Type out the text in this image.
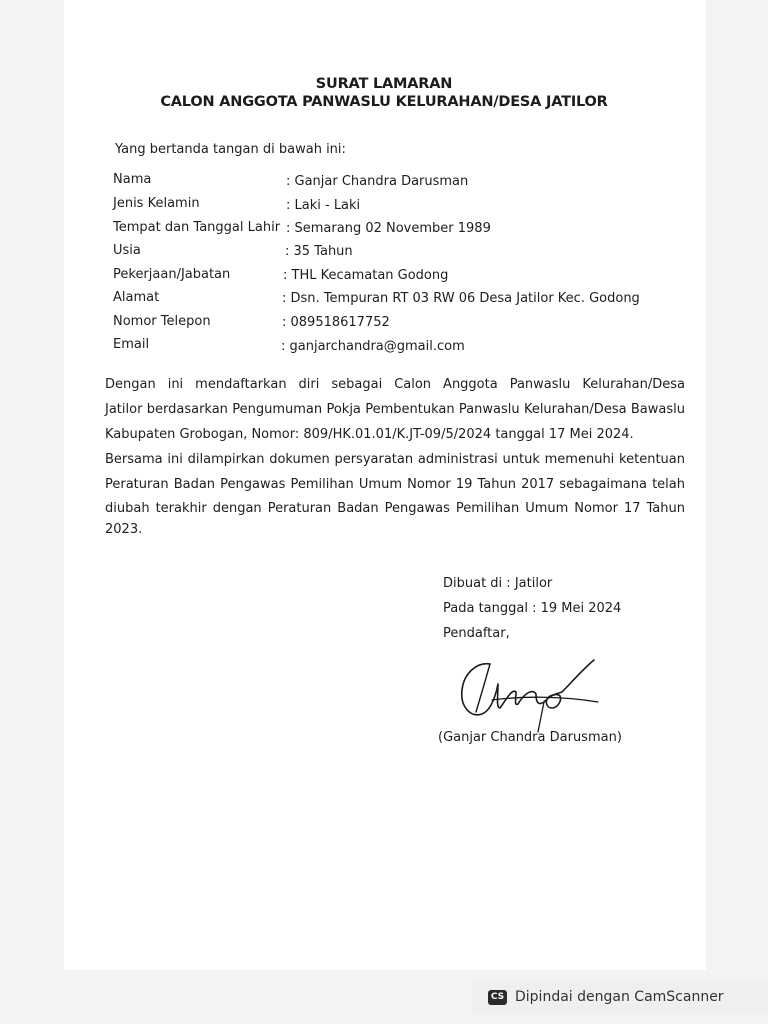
SURAT LAMARAN
CALON ANGGOTA PANWASLU KELURAHAN/DESA JATILOR
Yang bertanda tangan di bawah ini:
Nama	: Ganjar Chandra Darusman
Jenis Kelamin	: Laki - Laki
Tempat dan Tanggal Lahir : Semarang 02 November 1989
Usia	: 35 Tahun
Pekerjaan/Jabatan	: THL Kecamatan Godong
Alamat	: Dsn. Tempuran RT 03 RW 06 Desa Jatilor Kec. Godong
Nomor Telepon	: 089518617752
Email	: ganjarchandra@gmail.com
Dengan ini mendaftarkan diri sebagai Calon Anggota Panwaslu Kelurahan/Desa
Jatilor berdasarkan Pengumuman Pokja Pembentukan Panwaslu Kelurahan/Desa Bawaslu
Kabupaten Grobogan, Nomor: 809/HK.01.01/K.JT-09/5/2024 tanggal 17 Mei 2024.
Bersama ini dilampirkan dokumen persyaratan administrasi untuk memenuhi ketentuan
Peraturan Badan Pengawas Pemilihan Umum Nomor 19 Tahun 2017 sebagaimana telah
diubah terakhir dengan Peraturan Badan Pengawas Pemilihan Umum Nomor 17 Tahun
2023.
Dibuat di : Jatilor
Pada tanggal : 19 Mei 2024
Pendaftar,
(Ganjar Chandra Darusman)
CS Dipindai dengan CamScanner
